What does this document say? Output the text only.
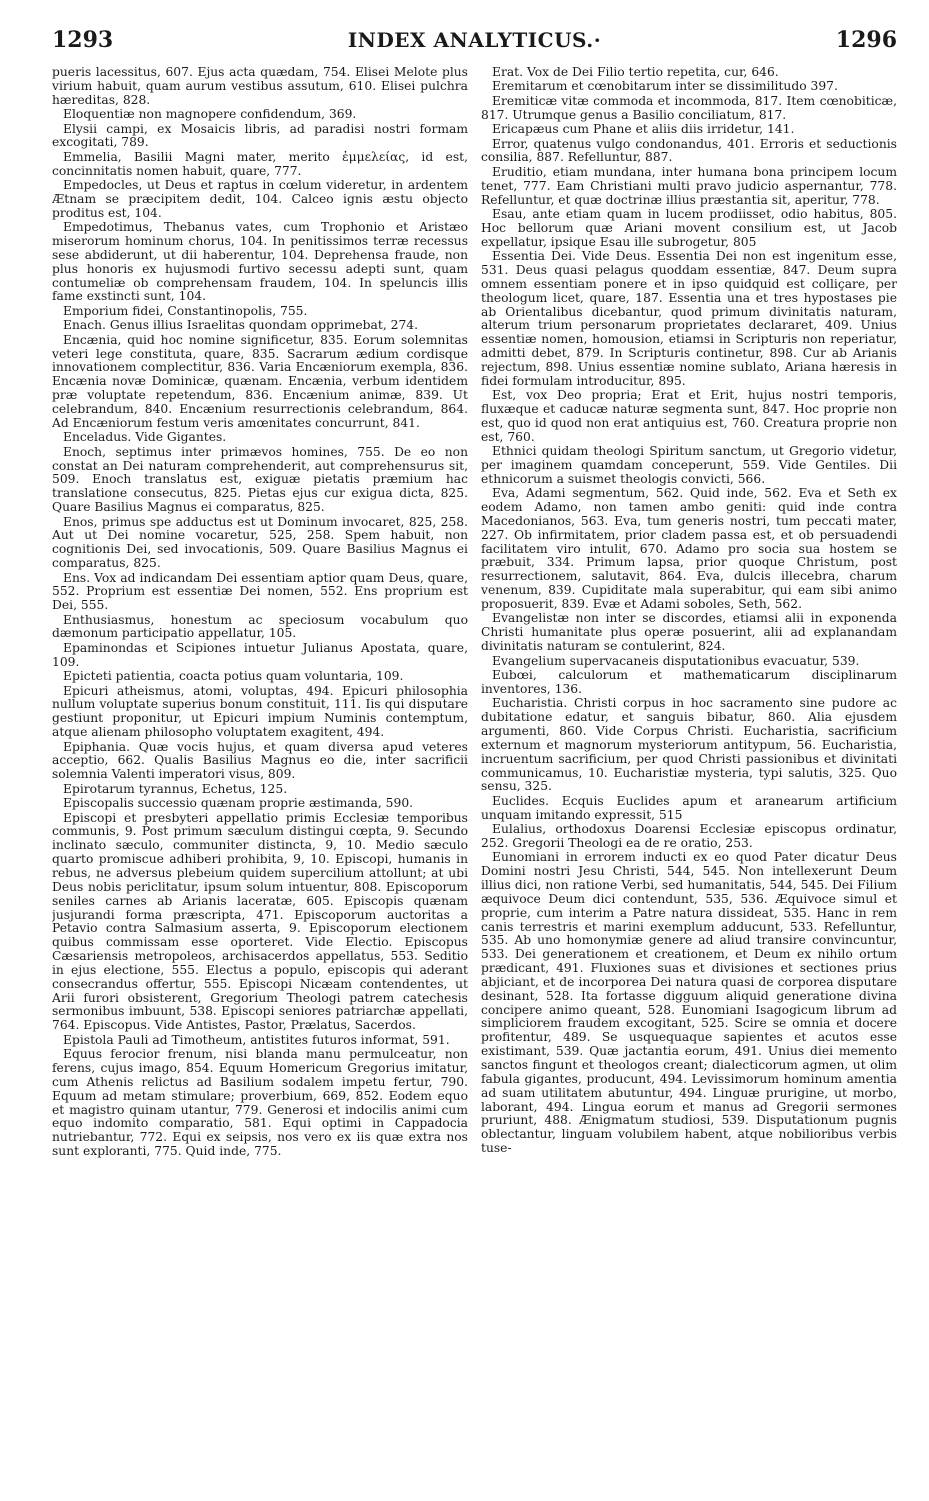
1293	INDEX ANALYTICUS.·	1296

pueris lacessitus, 607. Ejus acta quædam, 754. Elisei Melote plus virium habuit, quam aurum vestibus assutum, 610. Elisei pulchra hæreditas, 828.

Eloquentiæ non magnopere confidendum, 369.

Elysii campi, ex Mosaicis libris, ad paradisi nostri formam excogitati, 789.

Emmelia, Basilii Magni mater, merito ἐμμελείας, id est, concinnitatis nomen habuit, quare, 777.

Empedocles, ut Deus et raptus in cœlum videretur, in ardentem Ætnam se præcipitem dedit, 104. Calceo ignis æstu objecto proditus est, 104.

Empedotimus, Thebanus vates, cum Trophonio et Aristæo miserorum hominum chorus, 104. In penitissimos terræ recessus sese abdiderunt, ut dii haberentur, 104. Deprehensa fraude, non plus honoris ex hujusmodi furtivo secessu adepti sunt, quam contumeliæ ob comprehensam fraudem, 104. In speluncis illis fame exstincti sunt, 104.

Emporium fidei, Constantinopolis, 755.

Enach. Genus illius Israelitas quondam opprimebat, 274.

Encænia, quid hoc nomine significetur, 835. Eorum solemnitas veteri lege constituta, quare, 835. Sacrarum ædium cordisque innovationem complectitur, 836. Varia Encæniorum exempla, 836. Encænia novæ Dominicæ, quænam. Encænia, verbum identidem præ voluptate repetendum, 836. Encænium animæ, 839. Ut celebrandum, 840. Encænium resurrectionis celebrandum, 864. Ad Encæniorum festum veris amœnitates concurrunt, 841.

Enceladus. Vide Gigantes.

Enoch, septimus inter primævos homines, 755. De eo non constat an Dei naturam comprehenderit, aut comprehensurus sit, 509. Enoch translatus est, exiguæ pietatis præmium hac translatione consecutus, 825. Pietas ejus cur exigua dicta, 825. Quare Basilius Magnus ei comparatus, 825.

Enos, primus spe adductus est ut Dominum invocaret, 825, 258. Aut ut Dei nomine vocaretur, 525, 258. Spem habuit, non cognitionis Dei, sed invocationis, 509. Quare Basilius Magnus ei comparatus, 825.

Ens. Vox ad indicandam Dei essentiam aptior quam Deus, quare, 552. Proprium est essentiæ Dei nomen, 552. Ens proprium est Dei, 555.

Enthusiasmus, honestum ac speciosum vocabulum quo dæmonum participatio appellatur, 105.

Epaminondas et Scipiones intuetur Julianus Apostata, quare, 109.

Epicteti patientia, coacta potius quam voluntaria, 109.

Epicuri atheismus, atomi, voluptas, 494. Epicuri philosophia nullum voluptate superius bonum constituit, 111. Iis qui disputare gestiunt proponitur, ut Epicuri impium Numinis contemptum, atque alienam philosopho voluptatem exagitent, 494.

Epiphania. Quæ vocis hujus, et quam diversa apud veteres acceptio, 662. Qualis Basilius Magnus eo die, inter sacrificii solemnia Valenti imperatori visus, 809.

Epirotarum tyrannus, Echetus, 125.

Episcopalis successio quænam proprie æstimanda, 590.

Episcopi et presbyteri appellatio primis Ecclesiæ temporibus communis, 9. Post primum sæculum distingui cœpta, 9. Secundo inclinato sæculo, communiter distincta, 9, 10. Medio sæculo quarto promiscue adhiberi prohibita, 9, 10. Episcopi, humanis in rebus, ne adversus plebeium quidem supercilium attollunt; at ubi Deus nobis periclitatur, ipsum solum intuentur, 808. Episcoporum seniles carnes ab Arianis laceratæ, 605. Episcopis quænam jusjurandi forma præscripta, 471. Episcoporum auctoritas a Petavio contra Salmasium asserta, 9. Episcoporum electionem quibus commissam esse oporteret. Vide Electio. Episcopus Cæsariensis metropoleos, archisacerdos appellatus, 553. Seditio in ejus electione, 555. Electus a populo, episcopis qui aderant consecrandus offertur, 555. Episcopi Nicæam contendentes, ut Arii furori obsisterent, Gregorium Theologi patrem catechesis sermonibus imbuunt, 538. Episcopi seniores patriarchæ appellati, 764. Episcopus. Vide Antistes, Pastor, Prælatus, Sacerdos.

Epistola Pauli ad Timotheum, antistites futuros informat, 591.

Equus ferocior frenum, nisi blanda manu permulceatur, non ferens, cujus imago, 854. Equum Homericum Gregorius imitatur, cum Athenis relictus ad Basilium sodalem impetu fertur, 790. Equum ad metam stimulare; proverbium, 669, 852. Eodem equo et magistro quinam utantur, 779. Generosi et indocilis animi cum equo indomito comparatio, 581. Equi optimi in Cappadocia nutriebantur, 772. Equi ex seipsis, nos vero ex iis quæ extra nos sunt exploranti, 775. Quid inde, 775.

Erat. Vox de Dei Filio tertio repetita, cur, 646.

Eremitarum et cœnobitarum inter se dissimilitudo 397.

Eremiticæ vitæ commoda et incommoda, 817. Item cœnobiticæ, 817. Utrumque genus a Basilio conciliatum, 817.

Ericapæus cum Phane et aliis diis irridetur, 141.

Error, quatenus vulgo condonandus, 401. Erroris et seductionis consilia, 887. Refelluntur, 887.

Eruditio, etiam mundana, inter humana bona principem locum tenet, 777. Eam Christiani multi pravo judicio aspernantur, 778. Refelluntur, et quæ doctrinæ illius præstantia sit, aperitur, 778.

Esau, ante etiam quam in lucem prodiisset, odio habitus, 805. Hoc bellorum quæ Ariani movent consilium est, ut Jacob expellatur, ipsique Esau ille subrogetur, 805

Essentia Dei. Vide Deus. Essentia Dei non est ingenitum esse, 531. Deus quasi pelagus quoddam essentiæ, 847. Deum supra omnem essentiam ponere et in ipso quidquid est colliçare, per theologum licet, quare, 187. Essentia una et tres hypostases pie ab Orientalibus dicebantur, quod primum divinitatis naturam, alterum trium personarum proprietates declararet, 409. Unius essentiæ nomen, homousion, etiamsi in Scripturis non reperiatur, admitti debet, 879. In Scripturis continetur, 898. Cur ab Arianis rejectum, 898. Unius essentiæ nomine sublato, Ariana hæresis in fidei formulam introducitur, 895.

Est, vox Deo propria; Erat et Erit, hujus nostri temporis, fluxæque et caducæ naturæ segmenta sunt, 847. Hoc proprie non est, quo id quod non erat antiquius est, 760. Creatura proprie non est, 760.

Ethnici quidam theologi Spiritum sanctum, ut Gregorio videtur, per imaginem quamdam conceperunt, 559. Vide Gentiles. Dii ethnicorum a suismet theologis convicti, 566.

Eva, Adami segmentum, 562. Quid inde, 562. Eva et Seth ex eodem Adamo, non tamen ambo geniti: quid inde contra Macedonianos, 563. Eva, tum generis nostri, tum peccati mater, 227. Ob infirmitatem, prior cladem passa est, et ob persuadendi facilitatem viro intulit, 670. Adamo pro socia sua hostem se præbuit, 334. Primum lapsa, prior quoque Christum, post resurrectionem, salutavit, 864. Eva, dulcis illecebra, charum venenum, 839. Cupiditate mala superabitur, qui eam sibi animo proposuerit, 839. Evæ et Adami soboles, Seth, 562.

Evangelistæ non inter se discordes, etiamsi alii in exponenda Christi humanitate plus operæ posuerint, alii ad explanandam divinitatis naturam se contulerint, 824.

Evangelium supervacaneis disputationibus evacuatur, 539.

Eubœi, calculorum et mathematicarum disciplinarum inventores, 136.

Eucharistia. Christi corpus in hoc sacramento sine pudore ac dubitatione edatur, et sanguis bibatur, 860. Alia ejusdem argumenti, 860. Vide Corpus Christi. Eucharistia, sacrificium externum et magnorum mysteriorum antitypum, 56. Eucharistia, incruentum sacrificium, per quod Christi passionibus et divinitati communicamus, 10. Eucharistiæ mysteria, typi salutis, 325. Quo sensu, 325.

Euclides. Ecquis Euclides apum et aranearum artificium unquam imitando expressit, 515

Eulalius, orthodoxus Doarensi Ecclesiæ episcopus ordinatur, 252. Gregorii Theologi ea de re oratio, 253.

Eunomiani in errorem inducti ex eo quod Pater dicatur Deus Domini nostri Jesu Christi, 544, 545. Non intellexerunt Deum illius dici, non ratione Verbi, sed humanitatis, 544, 545. Dei Filium æquivoce Deum dici contendunt, 535, 536. Æquivoce simul et proprie, cum interim a Patre natura dissideat, 535. Hanc in rem canis terrestris et marini exemplum adducunt, 533. Refelluntur, 535. Ab uno homonymiæ genere ad aliud transire convincuntur, 533. Dei generationem et creationem, et Deum ex nihilo ortum prædicant, 491. Fluxiones suas et divisiones et sectiones prius abjiciant, et de incorporea Dei natura quasi de corporea disputare desinant, 528. Ita fortasse digguum aliquid generatione divina concipere animo queant, 528. Eunomiani Isagogicum librum ad simpliciorem fraudem excogitant, 525. Scire se omnia et docere profitentur, 489. Se usquequaque sapientes et acutos esse existimant, 539. Quæ jactantia eorum, 491. Unius diei memento sanctos fingunt et theologos creant; dialecticorum agmen, ut olim fabula gigantes, producunt, 494. Levissimorum hominum amentia ad suam utilitatem abutuntur, 494. Linguæ prurigine, ut morbo, laborant, 494. Lingua eorum et manus ad Gregorii sermones pruriunt, 488. Ænigmatum studiosi, 539. Disputationum pugnis oblectantur, linguam volubilem habent, atque nobilioribus verbis tuse-
